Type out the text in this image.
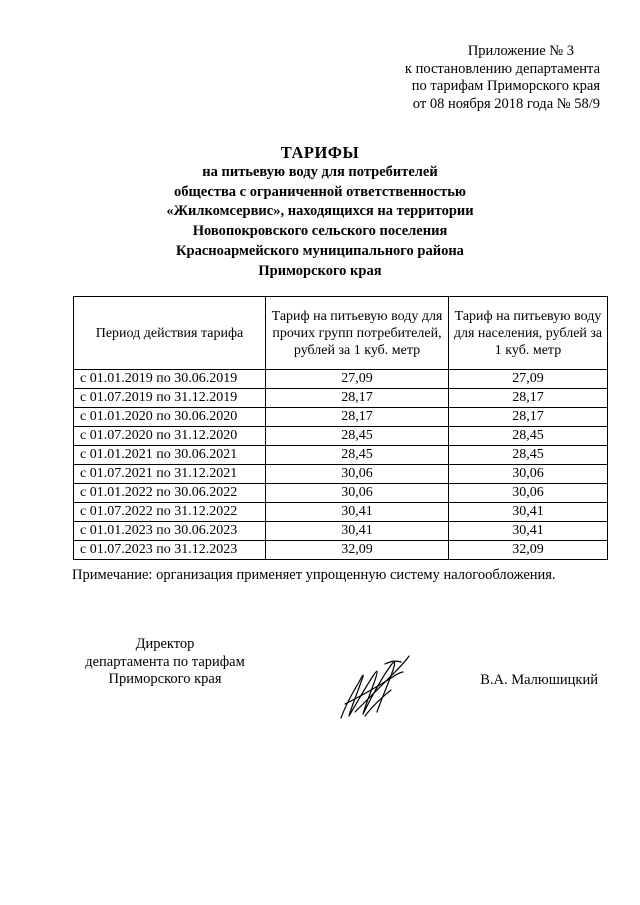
Приложение № 3
к постановлению департамента
по тарифам Приморского края
от 08 ноября 2018 года № 58/9
ТАРИФЫ
на питьевую воду для потребителей
общества с ограниченной ответственностью
«Жилкомсервис», находящихся на территории
Новопокровского сельского поселения
Красноармейского муниципального района
Приморского края
Период действия тарифа	Тариф на питьевую воду для прочих групп потребителей, рублей за 1 куб. метр	Тариф на питьевую воду для населения, рублей за 1 куб. метр
с 01.01.2019 по 30.06.2019	27,09	27,09
с 01.07.2019 по 31.12.2019	28,17	28,17
с 01.01.2020 по 30.06.2020	28,17	28,17
с 01.07.2020 по 31.12.2020	28,45	28,45
с 01.01.2021 по 30.06.2021	28,45	28,45
с 01.07.2021 по 31.12.2021	30,06	30,06
с 01.01.2022 по 30.06.2022	30,06	30,06
с 01.07.2022 по 31.12.2022	30,41	30,41
с 01.01.2023 по 30.06.2023	30,41	30,41
с 01.07.2023 по 31.12.2023	32,09	32,09
Примечание: организация применяет упрощенную систему налогообложения.
Директор
департамента по тарифам
Приморского края	В.А. Малюшицкий
